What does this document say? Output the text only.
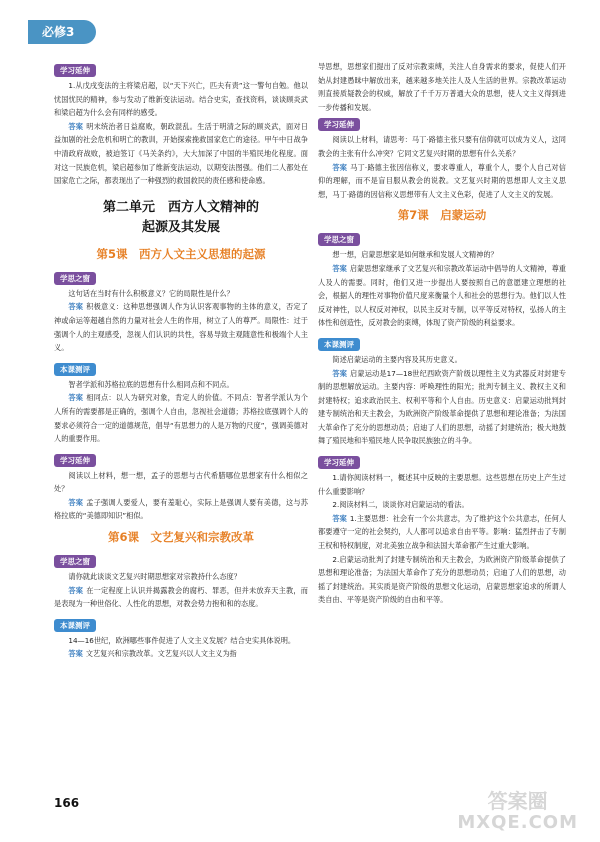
必修3
学习延伸

1.从戊戌变法的主将梁启超，以“天下兴亡，匹夫有责”这一警句自勉。他以忧国忧民的精神，参与发动了维新变法运动。结合史实，查找资料，谈谈顾炎武和梁启超为什么会有同样的感受。

答案 明末统治者日益腐败，朝政混乱。生活于明清之际的顾炎武，面对日益加剧的社会危机和明亡的教训，开始探索挽救国家危亡的途径。甲午中日战争中清政府战败，被迫签订《马关条约》，大大加深了中国的半殖民地化程度。面对这一民族危机，梁启超参加了维新变法运动，以期变法图强。他们二人都处在国家危亡之际，都表现出了一种强烈的救国救民的责任感和使命感。

第二单元　西方人文精神的
起源及其发展
第5课　西方人文主义思想的起源
学思之窗

这句话在当时有什么积极意义？它的局限性是什么？

答案 积极意义：这种思想强调人作为认识客观事物的主体的意义，否定了神或命运等超越自然的力量对社会人生的作用，树立了人的尊严。局限性：过于强调个人的主观感受，忽视人们认识的共性，容易导致主观随意性和极端个人主义。

本课测评

智者学派和苏格拉底的思想有什么相同点和不同点。

答案 相同点：以人为研究对象，肯定人的价值。不同点：智者学派认为个人所有的需要都是正确的，强调个人自由，忽视社会道德；苏格拉底强调个人的要求必须符合一定的道德规范，倡导“有思想力的人是万物的尺度”，强调美德对人的重要作用。

学习延伸

阅读以上材料，想一想，孟子的思想与古代希腊哪位思想家有什么相似之处？

答案 孟子强调人要爱人，要有羞耻心，实际上是强调人要有美德，这与苏格拉底的“美德即知识”相似。

第6课　文艺复兴和宗教改革
学思之窗

请你就此谈谈文艺复兴时期思想家对宗教持什么态度？

答案 在一定程度上认识并揭露教会的腐朽、罪恶，但并未放弃天主教，而是表现为一种世俗化、人性化的思想，对教会势力抱和和的态度。

本课测评

14—16世纪，欧洲哪些事件促进了人文主义发展？结合史实具体说明。

答案 文艺复兴和宗教改革。文艺复兴以人文主义为指

导思想，思想家们提出了反对宗教束缚，关注人自身需求的要求，促使人们开始从封建愚昧中解放出来，越来越多地关注人及人生活的世界。宗教改革运动则直接质疑教会的权威，解放了千千万万普通大众的思想，使人文主义得到进一步传播和发展。

学习延伸

阅读以上材料，请思考：马丁·路德主张只要有信仰就可以成为义人，这同教会的主张有什么冲突？它同文艺复兴时期的思想有什么关系？

答案 马丁·路德主张因信称义，要求尊重人，尊重个人，要个人自己对信仰的理解，而不是盲目服从教会的说教。文艺复兴时期的思想即人文主义思想，马丁·路德的因信称义思想带有人文主义色彩，促进了人文主义的发展。

第7课　启蒙运动
学思之窗

想一想，启蒙思想家是如何继承和发展人文精神的？

答案 启蒙思想家继承了文艺复兴和宗教改革运动中倡导的人文精神，尊重人及人的需要。同时，他们又进一步提出人要按照自己的意愿建立理想的社会，根据人的理性对事物价值尺度来衡量个人和社会的思想行为。他们以人性反对神性，以人权反对神权，以民主反对专制，以平等反对特权，弘扬人的主体性和创造性，反对教会的束缚，体现了资产阶级的利益要求。

本课测评

简述启蒙运动的主要内容及其历史意义。

答案 启蒙运动是17—18世纪西欧资产阶级以理性主义为武器反对封建专制的思想解放运动。主要内容：呼唤理性的阳光；批判专制主义、教权主义和封建特权；追求政治民主、权利平等和个人自由。历史意义：启蒙运动批判封建专制统治和天主教会，为欧洲资产阶级革命提供了思想和理论准备；为法国大革命作了充分的思想动员；启迪了人们的思想，动摇了封建统治；极大地鼓舞了殖民地和半殖民地人民争取民族独立的斗争。

学习延伸

1.请你阅读材料一，概述其中反映的主要思想。这些思想在历史上产生过什么重要影响？

2.阅读材料二，谈谈你对启蒙运动的看法。

答案 1.主要思想：社会有一个公共意志，为了维护这个公共意志，任何人都要遵守一定的社会契约，人人都可以追求自由平等。影响：猛烈抨击了专制王权和特权制度，对北美独立战争和法国大革命都产生过重大影响。

2.启蒙运动批判了封建专制统治和天主教会，为欧洲资产阶级革命提供了思想和理论准备；为法国大革命作了充分的思想动员；启迪了人们的思想，动摇了封建统治。其实质是资产阶级的思想文化运动，启蒙思想家追求的所谓人类自由、平等是资产阶级的自由和平等。

166	答案圈
MXQE.COM
